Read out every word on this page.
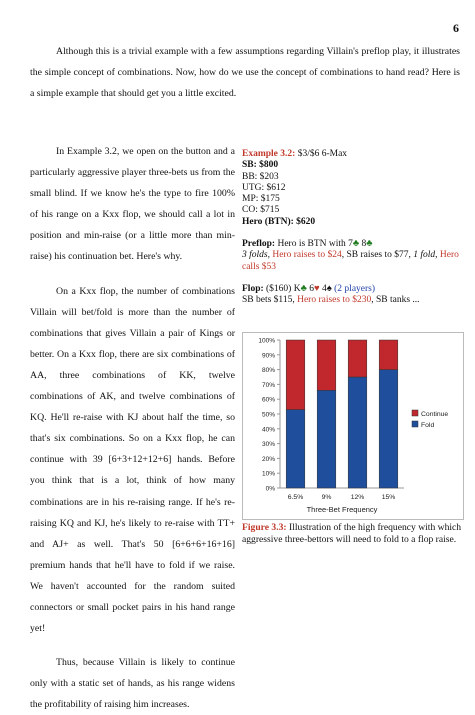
6

Although this is a trivial example with a few assumptions regarding Villain's preflop play, it illustrates the simple concept of combinations. Now, how do we use the concept of combinations to hand read? Here is a simple example that should get you a little excited.

In Example 3.2, we open on the button and a particularly aggressive player three-bets us from the small blind. If we know he's the type to fire 100% of his range on a Kxx flop, we should call a lot in position and min-raise (or a little more than min-raise) his continuation bet. Here's why.

On a Kxx flop, the number of combinations Villain will bet/fold is more than the number of combinations that gives Villain a pair of Kings or better. On a Kxx flop, there are six combinations of AA, three combinations of KK, twelve combinations of AK, and twelve combinations of KQ. He'll re-raise with KJ about half the time, so that's six combinations. So on a Kxx flop, he can continue with 39 [6+3+12+12+6] hands. Before you think that is a lot, think of how many combinations are in his re-raising range. If he's re-raising KQ and KJ, he's likely to re-raise with TT+ and AJ+ as well. That's 50 [6+6+6+16+16] premium hands that he'll have to fold if we raise. We haven't accounted for the random suited connectors or small pocket pairs in his hand range yet!

Thus, because Villain is likely to continue only with a static set of hands, as his range widens the profitability of raising him increases.

Example 3.2: $3/$6 6-Max
SB: $800
BB: $203
UTG: $612
MP: $175
CO: $715
Hero (BTN): $620
Preflop: Hero is BTN with 7♣ 8♣
3 folds, Hero raises to $24, SB raises to $77, 1 fold, Hero calls $53
Flop: ($160) K♣ 6♥ 4♠ (2 players)
SB bets $115, Hero raises to $230, SB tanks ...
0%
10%
20%
30%
40%
50%
60%
70%
80%
90%
100%
6.5%	9%	12%	15%
Three-Bet Frequency
Continue
Fold
Figure 3.3: Illustration of the high frequency with which aggressive three-bettors will need to fold to a flop raise.
